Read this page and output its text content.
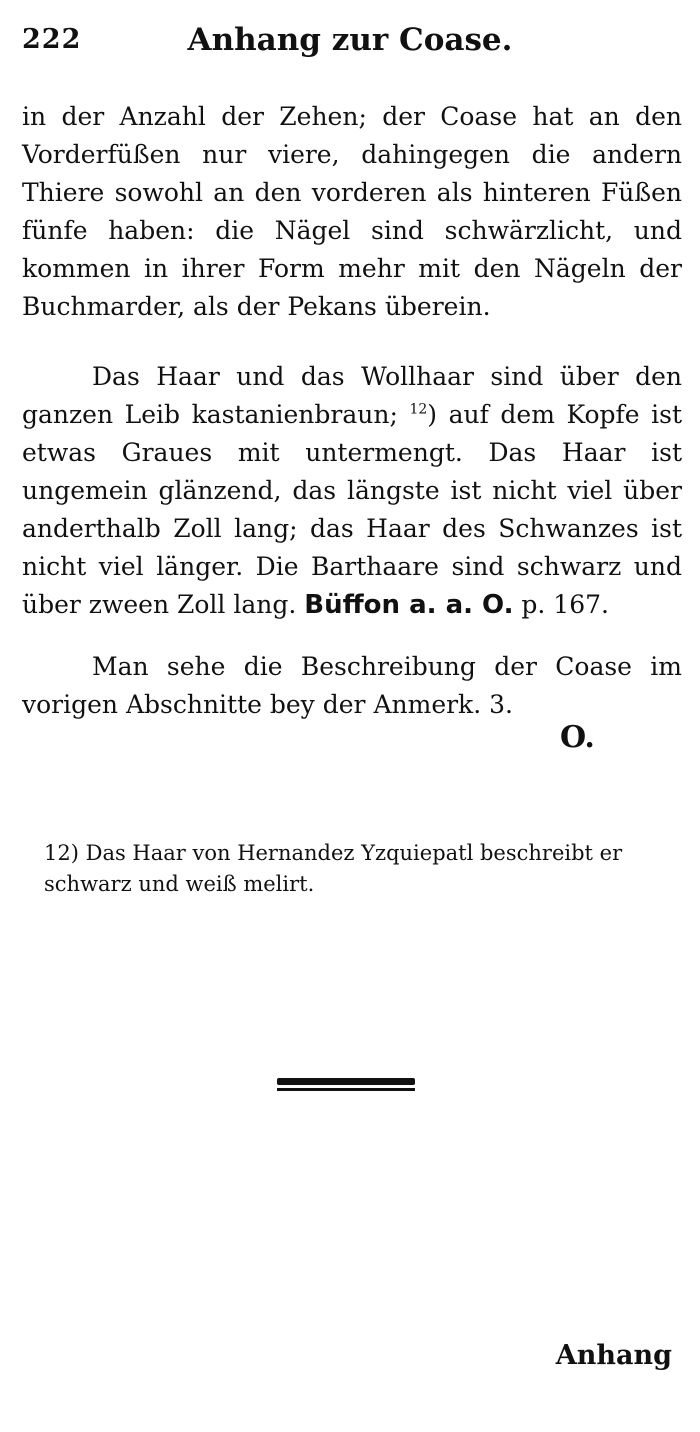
222	Anhang zur Coase.

in der Anzahl der Zehen; der Coase hat an den Vorderfüßen nur viere, dahingegen die andern Thiere sowohl an den vorderen als hinteren Füßen fünfe haben: die Nägel sind schwärzlicht, und kommen in ihrer Form mehr mit den Nägeln der Buchmarder, als der Pekans überein.

Das Haar und das Wollhaar sind über den ganzen Leib kastanienbraun; $^{12}$) auf dem Kopfe ist etwas Graues mit untermengt. Das Haar ist ungemein glänzend, das längste ist nicht viel über anderthalb Zoll lang; das Haar des Schwanzes ist nicht viel länger. Die Barthaare sind schwarz und über zween Zoll lang. Büffon a. a. O. p. 167.

Man sehe die Beschreibung der Coase im vorigen Abschnitte bey der Anmerk. 3.

O.
12) Das Haar von Hernandez Yzquiepatl beschreibt er schwarz und weiß melirt.
Anhang
